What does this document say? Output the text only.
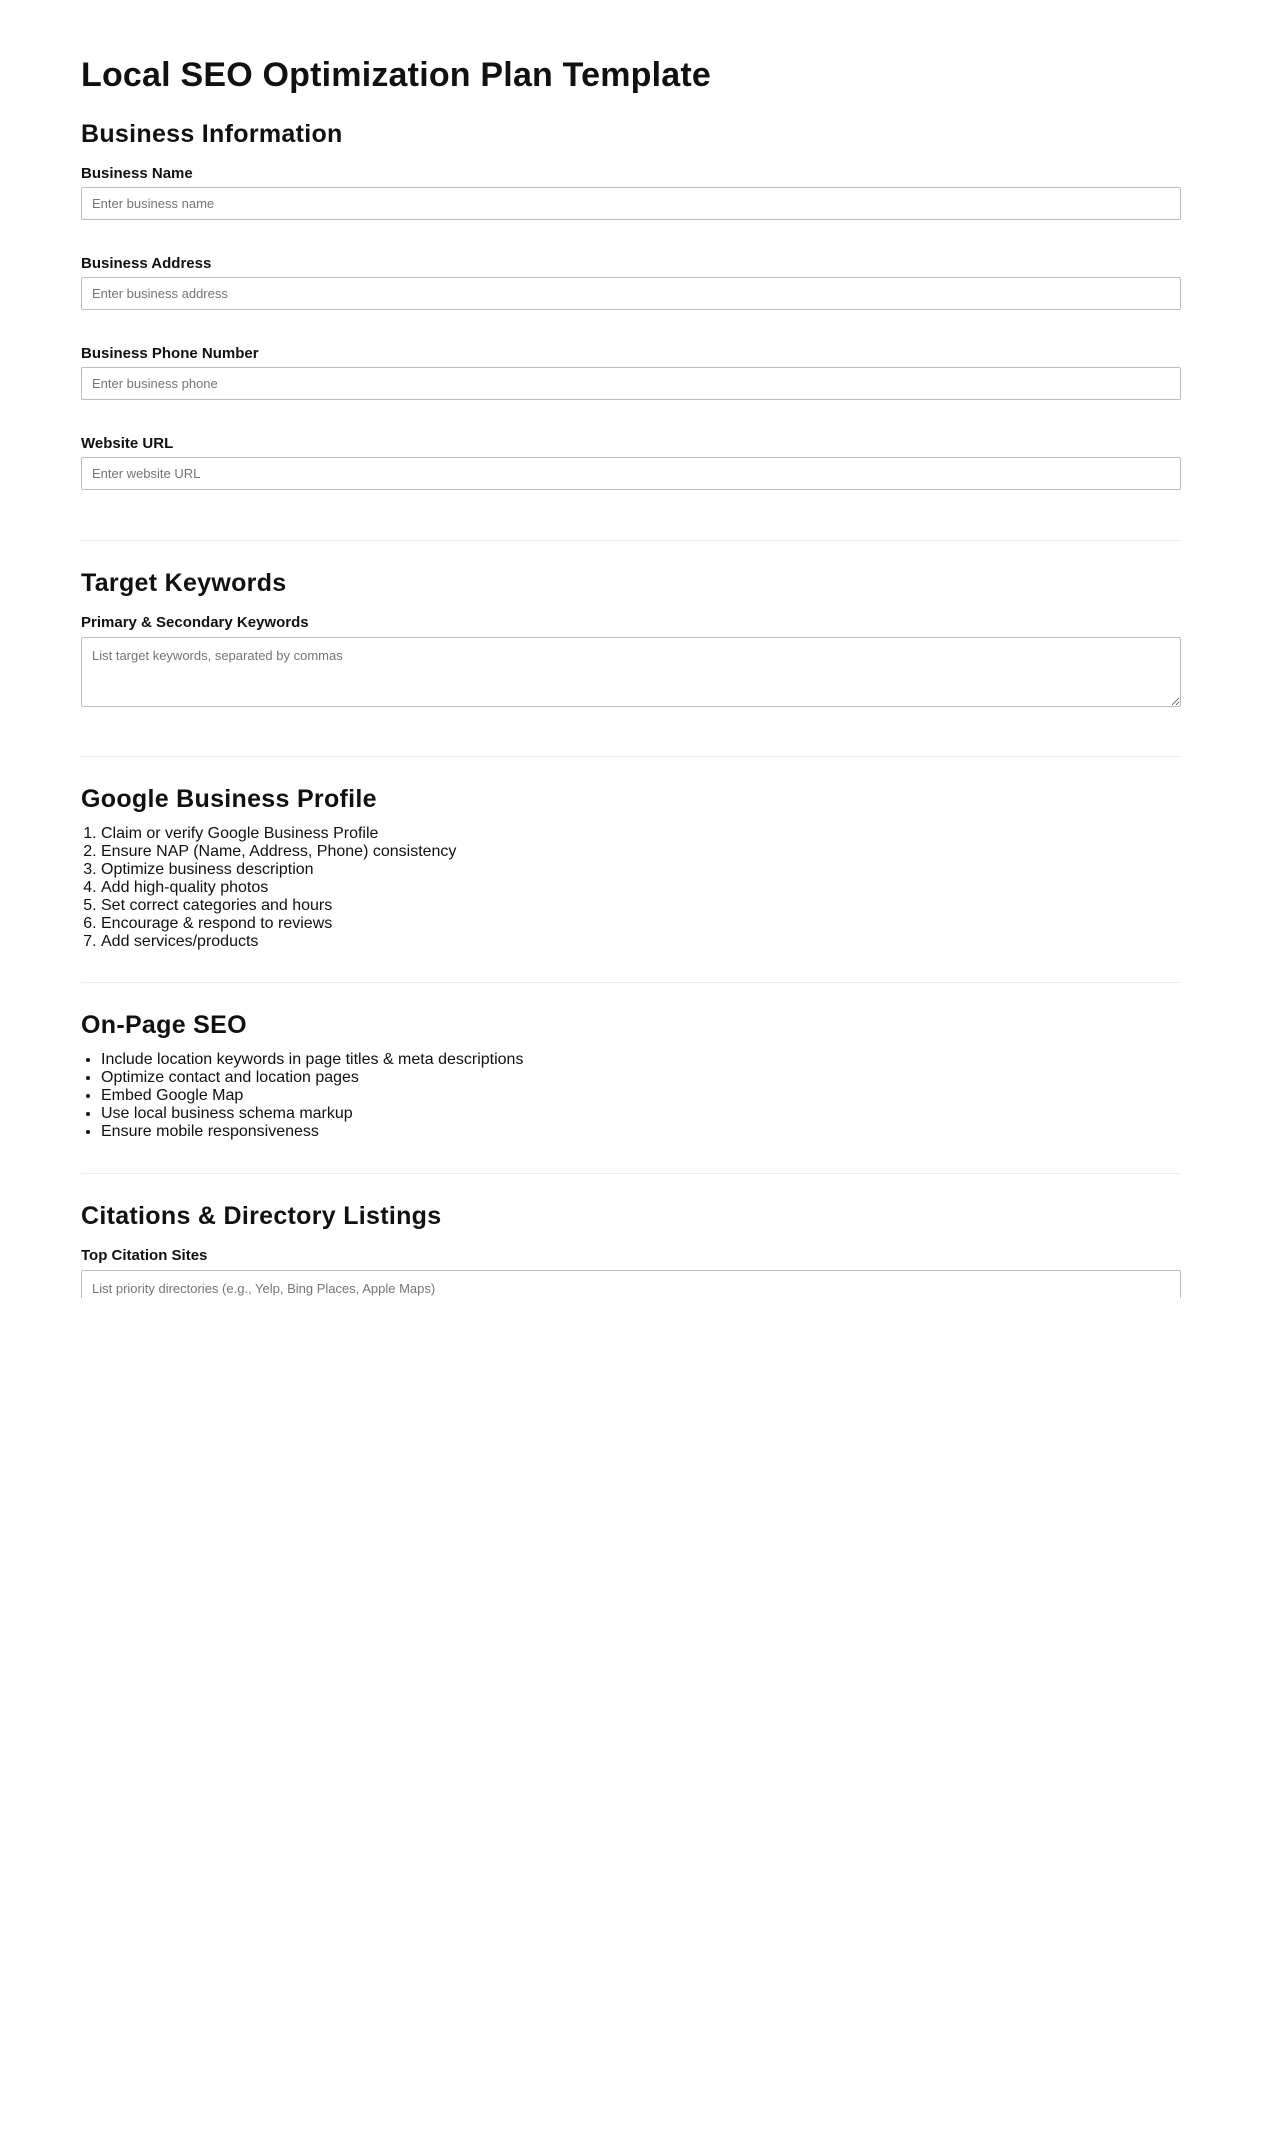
Local SEO Optimization Plan Template
Business Information
Business Name
Enter business name
Business Address
Enter business address
Business Phone Number
Enter business phone
Website URL
Enter website URL
Target Keywords
Primary & Secondary Keywords
List target keywords, separated by commas
Google Business Profile
1. Claim or verify Google Business Profile
2. Ensure NAP (Name, Address, Phone) consistency
3. Optimize business description
4. Add high-quality photos
5. Set correct categories and hours
6. Encourage & respond to reviews
7. Add services/products
On-Page SEO
• Include location keywords in page titles & meta descriptions
• Optimize contact and location pages
• Embed Google Map
• Use local business schema markup
• Ensure mobile responsiveness
Citations & Directory Listings
Top Citation Sites
List priority directories (e.g., Yelp, Bing Places, Apple Maps)
